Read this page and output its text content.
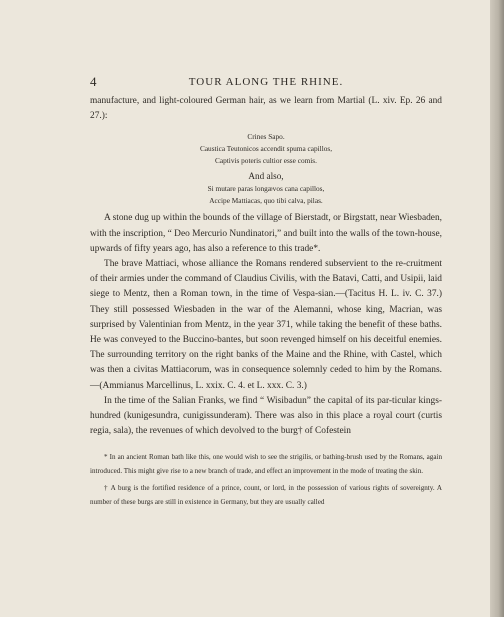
4	TOUR ALONG THE RHINE.

manufacture, and light-coloured German hair, as we learn from Martial (L. xiv. Ep. 26 and 27.):

Crines Sapo.
Caustica Teutonicos accendit spuma capillos,
Captivis poteris cultior esse comis.
And also,
Si mutare paras longævos cana capillos,
Accipe Mattiacas, quo tibi calva, pilas.

A stone dug up within the bounds of the village of Bierstadt, or Birgstatt, near Wiesbaden, with the inscription, “ Deo Mercurio Nundinatori,” and built into the walls of the town-house, upwards of fifty years ago, has also a reference to this trade*.

The brave Mattiaci, whose alliance the Romans rendered subservient to the re-cruitment of their armies under the command of Claudius Civilis, with the Batavi, Catti, and Usipii, laid siege to Mentz, then a Roman town, in the time of Vespa-sian.—(Tacitus H. L. iv. C. 37.) They still possessed Wiesbaden in the war of the Alemanni, whose king, Macrian, was surprised by Valentinian from Mentz, in the year 371, while taking the benefit of these baths. He was conveyed to the Buccino-bantes, but soon revenged himself on his deceitful enemies. The surrounding territory on the right banks of the Maine and the Rhine, with Castel, which was then a civitas Mattiacorum, was in consequence solemnly ceded to him by the Romans.—(Ammianus Marcellinus, L. xxix. C. 4. et L. xxx. C. 3.)

In the time of the Salian Franks, we find “ Wisibadun” the capital of its par-ticular kings-hundred (kunigesundra, cunigissunderam). There was also in this place a royal court (curtis regia, sala), the revenues of which devolved to the burg† of Cofestein

* In an ancient Roman bath like this, one would wish to see the strigilis, or bathing-brush used by the Romans, again introduced. This might give rise to a new branch of trade, and effect an improvement in the mode of treating the skin.

† A burg is the fortified residence of a prince, count, or lord, in the possession of various rights of sovereignty. A number of these burgs are still in existence in Germany, but they are usually called
